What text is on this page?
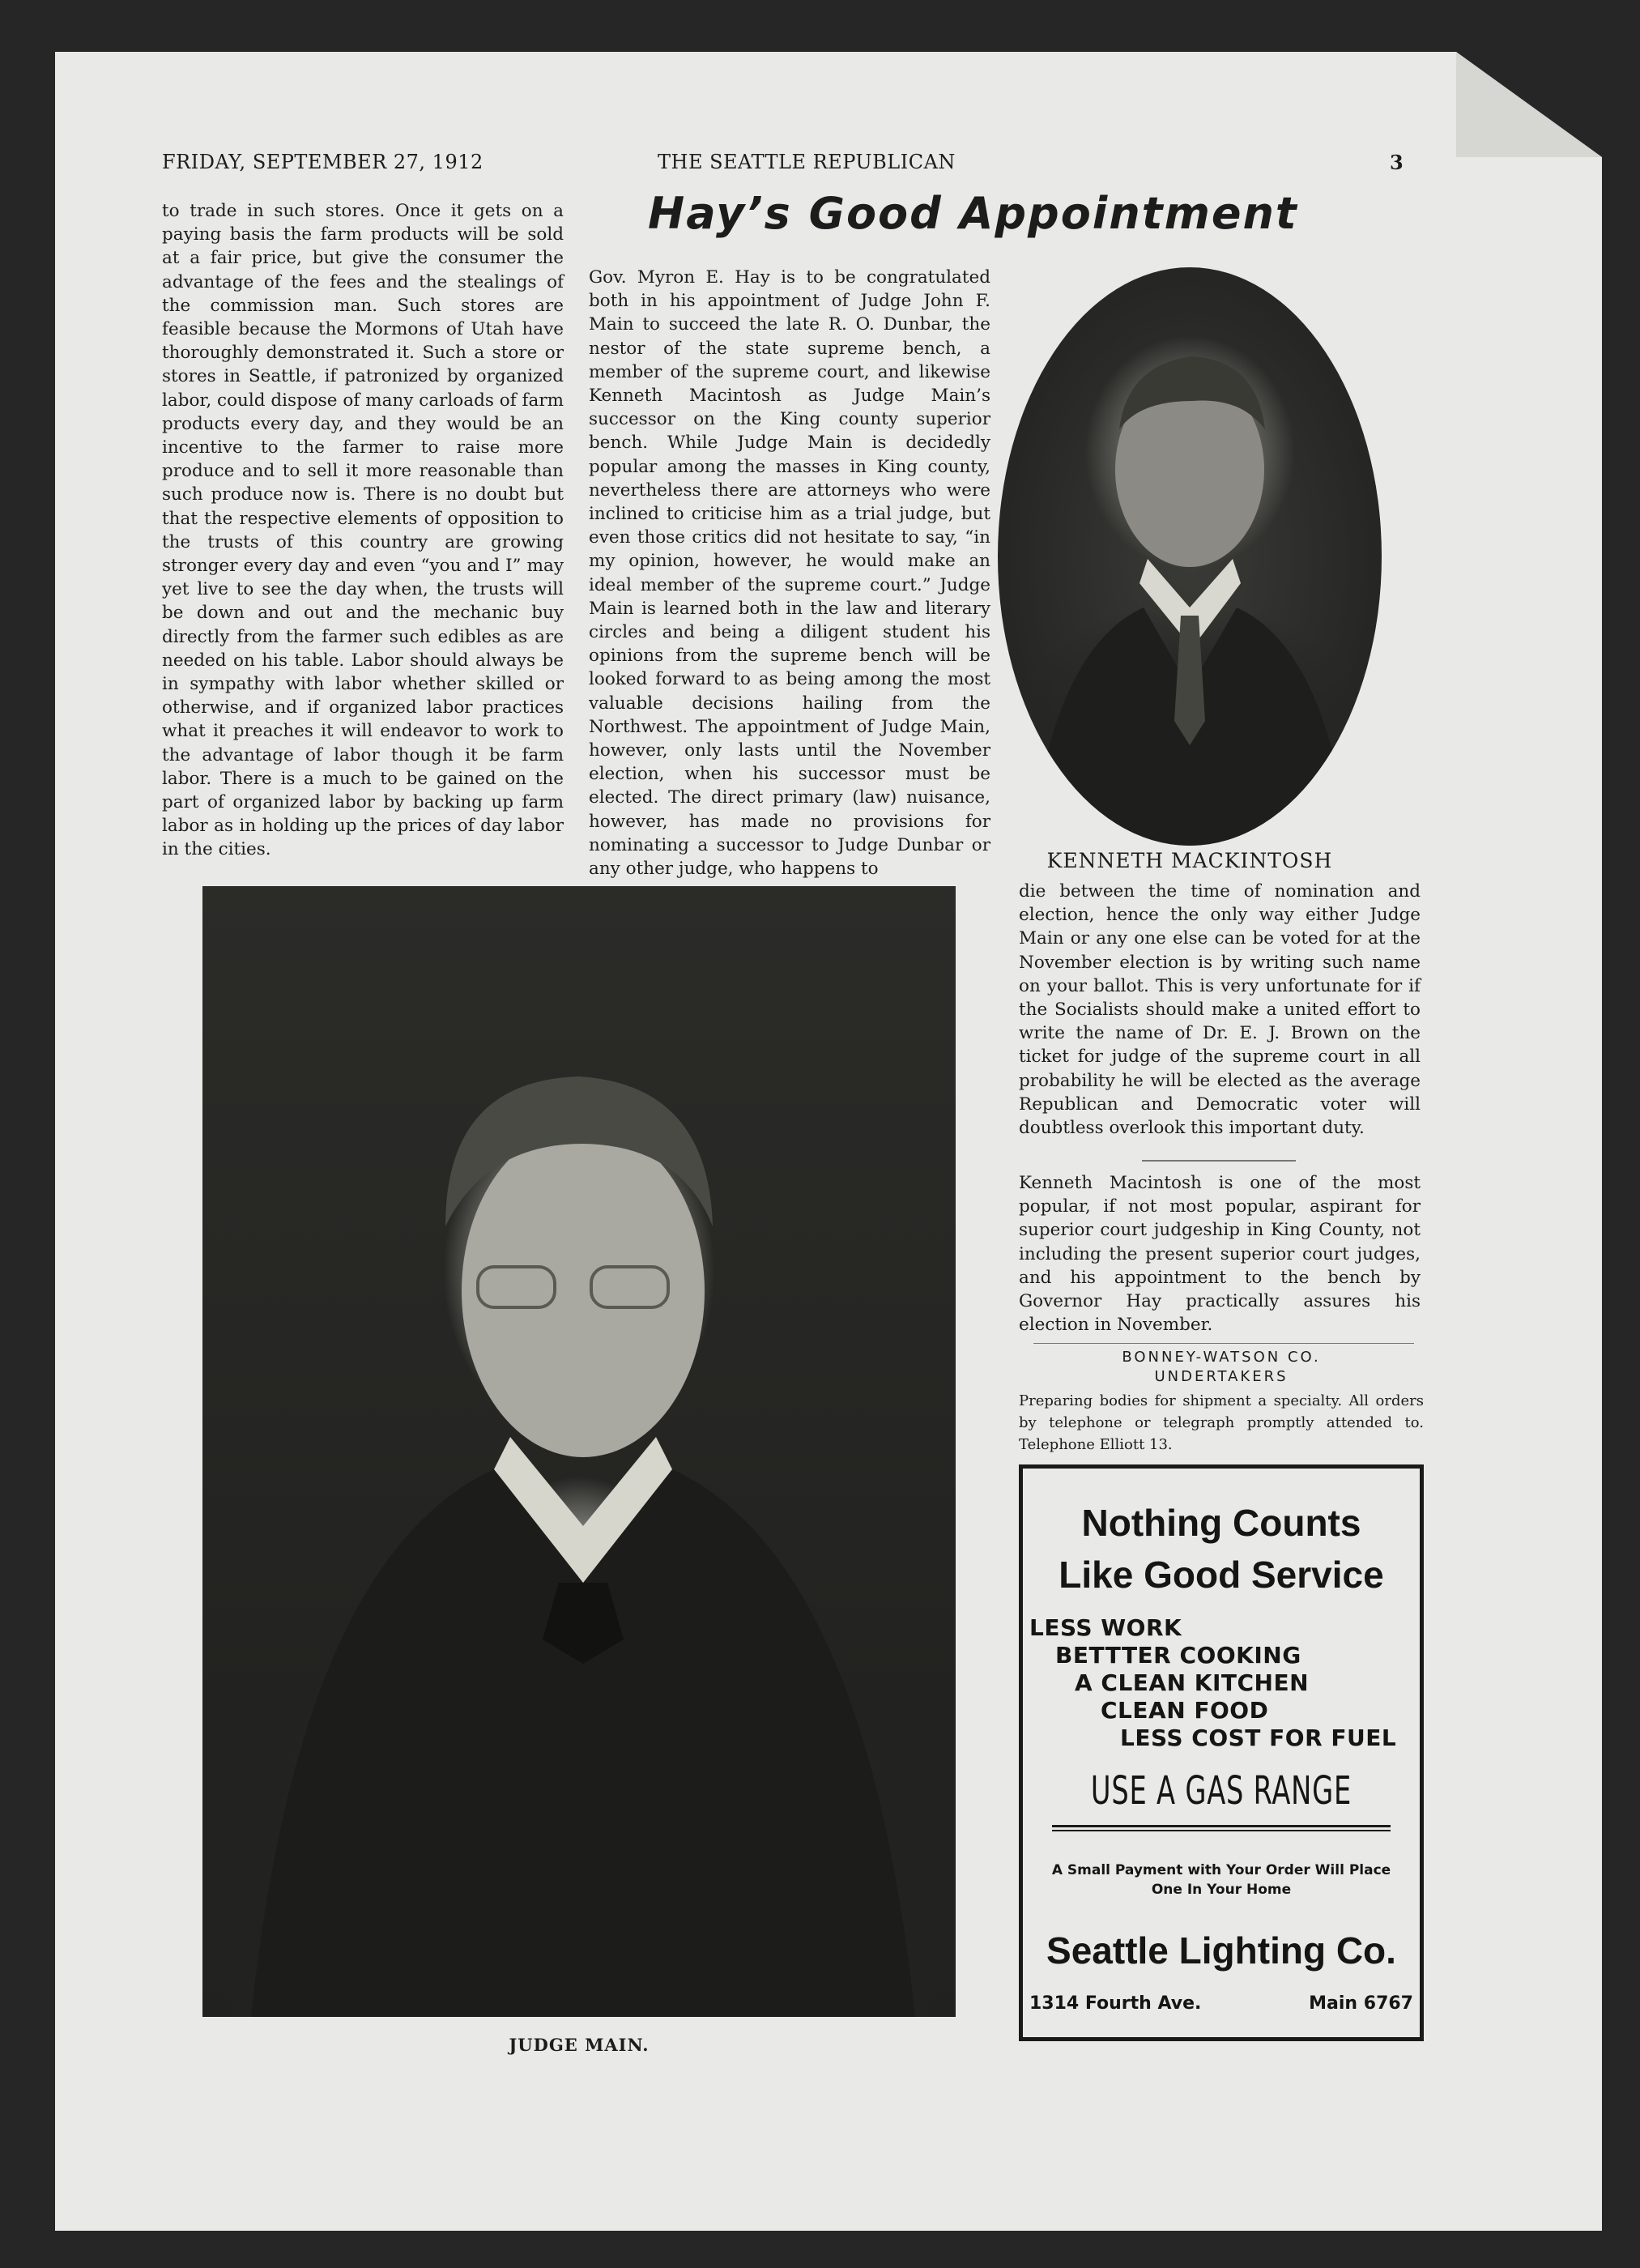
FRIDAY, SEPTEMBER 27, 1912	THE SEATTLE REPUBLICAN	3
to trade in such stores. Once it gets on a paying basis the farm products will be sold at a fair price, but give the consumer the advantage of the fees and the stealings of the commission man. Such stores are feasible because the Mormons of Utah have thoroughly demonstrated it. Such a store or stores in Seattle, if patronized by organized labor, could dispose of many carloads of farm products every day, and they would be an incentive to the farmer to raise more produce and to sell it more reasonable than such produce now is. There is no doubt but that the respective elements of opposition to the trusts of this country are growing stronger every day and even “you and I” may yet live to see the day when, the trusts will be down and out and the mechanic buy directly from the farmer such edibles as are needed on his table. Labor should always be in sympathy with labor whether skilled or otherwise, and if organized labor practices what it preaches it will endeavor to work to the advantage of labor though it be farm labor. There is a much to be gained on the part of organized labor by backing up farm labor as in holding up the prices of day labor in the cities.
Hay’s Good Appointment
Gov. Myron E. Hay is to be congratulated both in his appointment of Judge John F. Main to succeed the late R. O. Dunbar, the nestor of the state supreme bench, a member of the supreme court, and likewise Kenneth Macintosh as Judge Main’s successor on the King county superior bench. While Judge Main is decidedly popular among the masses in King county, nevertheless there are attorneys who were inclined to criticise him as a trial judge, but even those critics did not hesitate to say, “in my opinion, however, he would make an ideal member of the supreme court.” Judge Main is learned both in the law and literary circles and being a diligent student his opinions from the supreme bench will be looked forward to as being among the most valuable decisions hailing from the Northwest. The appointment of Judge Main, however, only lasts until the November election, when his successor must be elected. The direct primary (law) nuisance, however, has made no provisions for nominating a successor to Judge Dunbar or any other judge, who happens to	KENNETH MACKINTOSH
die between the time of nomination and election, hence the only way either Judge Main or any one else can be voted for at the November election is by writing such name on your ballot. This is very unfortunate for if the Socialists should make a united effort to write the name of Dr. E. J. Brown on the ticket for judge of the supreme court in all probability he will be elected as the average Republican and Democratic voter will doubtless overlook this important duty.
Kenneth Macintosh is one of the most popular, if not most popular, aspirant for superior court judgeship in King County, not including the present superior court judges, and his appointment to the bench by Governor Hay practically assures his election in November.
BONNEY-WATSON CO.
UNDERTAKERS
Preparing bodies for shipment a specialty. All orders by telephone or telegraph promptly attended to. Telephone Elliott 13.
Nothing Counts
Like Good Service
LESS WORK
BETTTER COOKING
A CLEAN KITCHEN
CLEAN FOOD
LESS COST FOR FUEL
USE A GAS RANGE
A Small Payment with Your Order Will Place One In Your Home
Seattle Lighting Co.
1314 Fourth Ave.	Main 6767
JUDGE MAIN.
